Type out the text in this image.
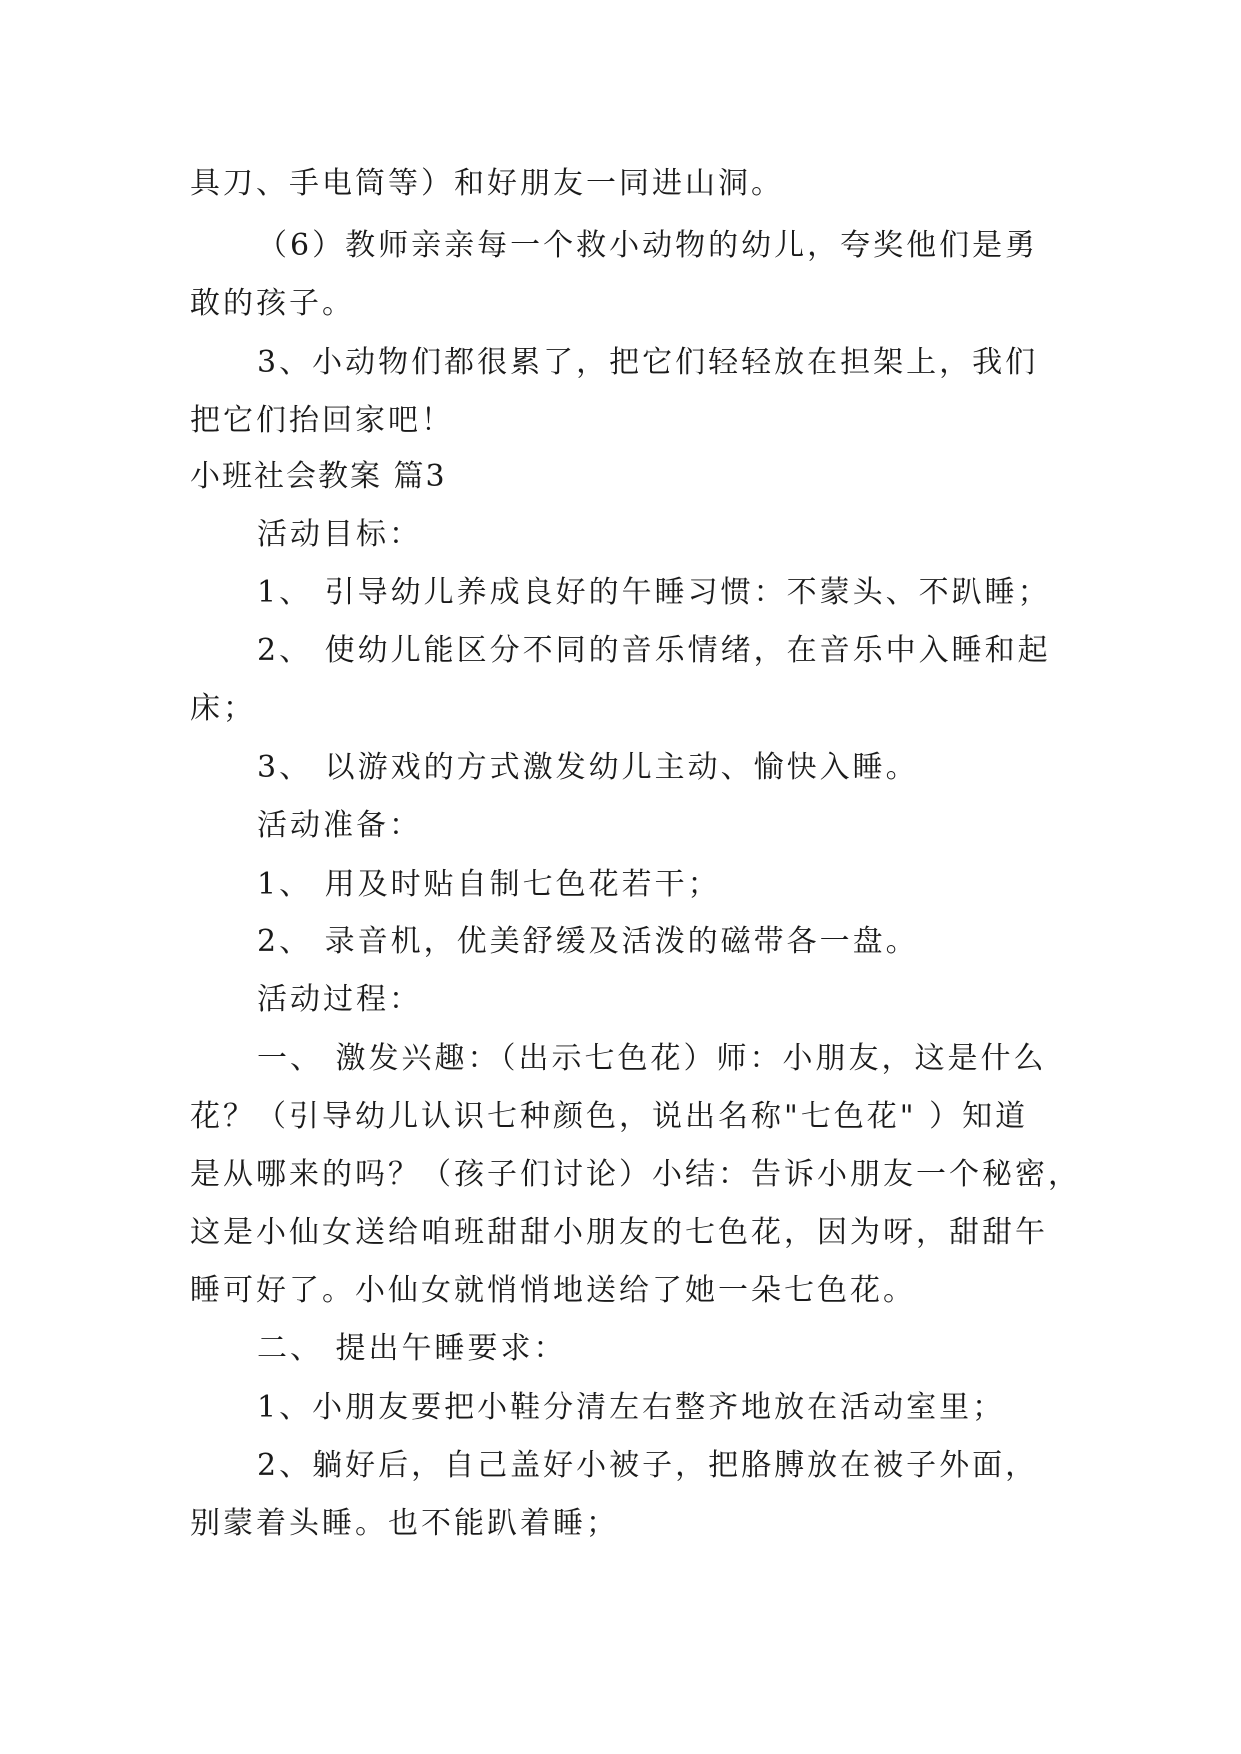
具刀、手电筒等）和好朋友一同进山洞。
（6）教师亲亲每一个救小动物的幼儿，夸奖他们是勇
敢的孩子。
3、小动物们都很累了，把它们轻轻放在担架上，我们
把它们抬回家吧！
小班社会教案 篇3
活动目标：
1、 引导幼儿养成良好的午睡习惯：不蒙头、不趴睡；
2、 使幼儿能区分不同的音乐情绪，在音乐中入睡和起
床；
3、 以游戏的方式激发幼儿主动、愉快入睡。
活动准备：
1、 用及时贴自制七色花若干；
2、 录音机，优美舒缓及活泼的磁带各一盘。
活动过程：
一、 激发兴趣：（出示七色花）师：小朋友，这是什么
花？（引导幼儿认识七种颜色，说出名称"七色花" ）知道
是从哪来的吗？（孩子们讨论）小结：告诉小朋友一个秘密，
这是小仙女送给咱班甜甜小朋友的七色花，因为呀，甜甜午
睡可好了。小仙女就悄悄地送给了她一朵七色花。
二、 提出午睡要求：
1、小朋友要把小鞋分清左右整齐地放在活动室里；
2、躺好后，自己盖好小被子，把胳膊放在被子外面，
别蒙着头睡。也不能趴着睡；
